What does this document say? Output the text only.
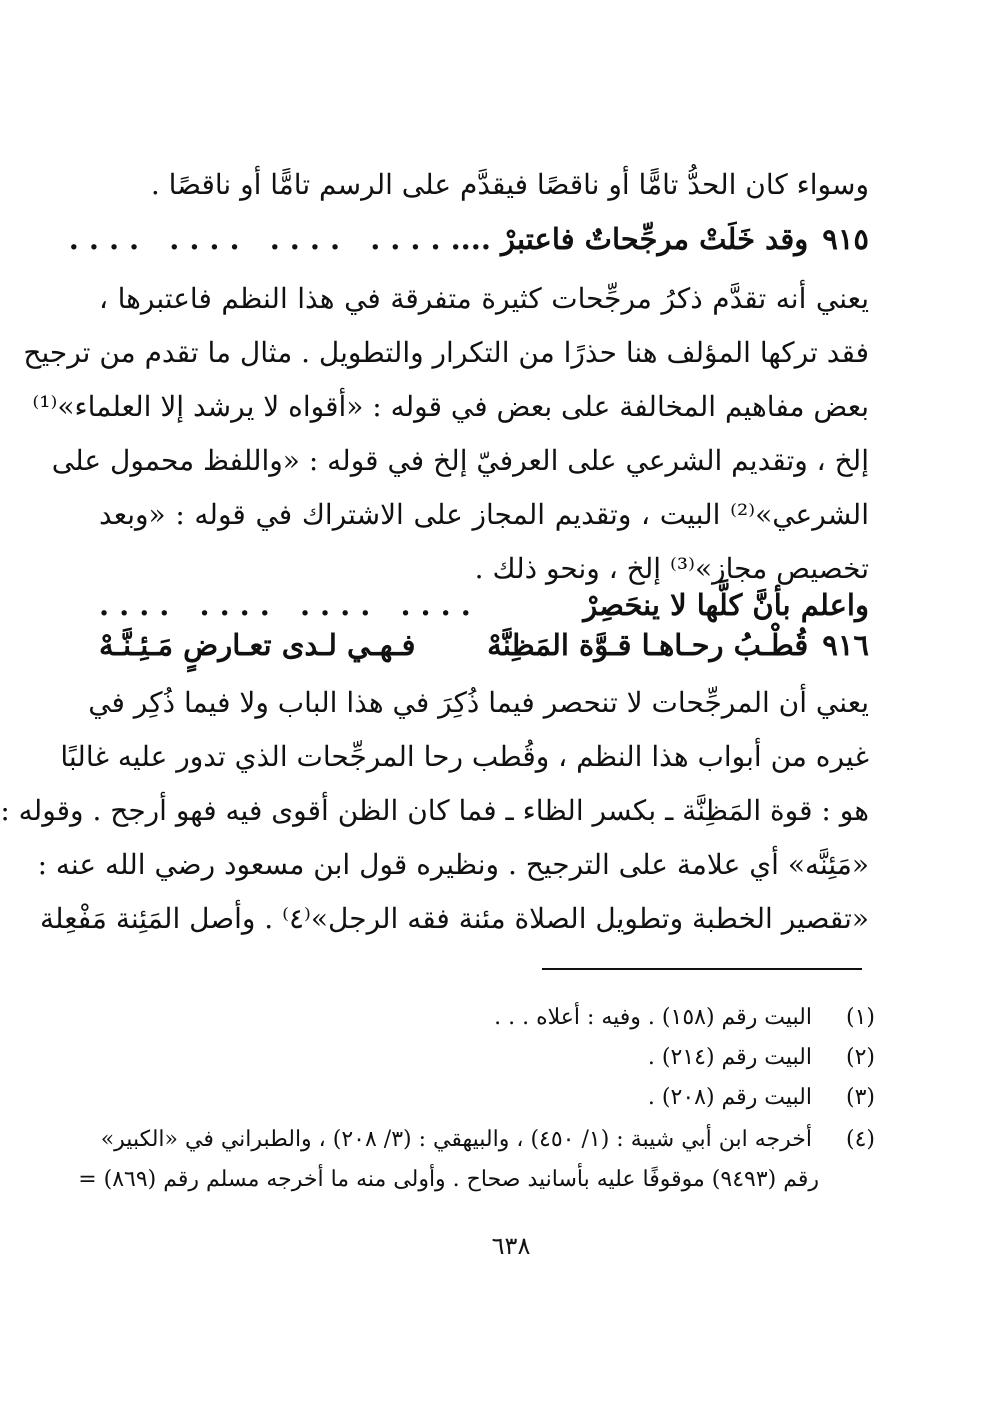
وسواء كان الحدُّ تامًّا أو ناقصًا فيقدَّم على الرسم تامًّا أو ناقصًا .
٩١٥
وقد خَلَتْ مرجِّحاتٌ فاعتبرْ ....
.... .... .... ....
يعني أنه تقدَّم ذكرُ مرجِّحات كثيرة متفرقة في هذا النظم فاعتبرها ،
فقد تركها المؤلف هنا حذرًا من التكرار والتطويل . مثال ما تقدم من ترجيح
بعض مفاهيم المخالفة على بعض في قوله : «أقواه لا يرشد إلا العلماء»⁽¹⁾
إلخ ، وتقديم الشرعي على العرفيّ إلخ في قوله : «واللفظ محمول على
الشرعي»⁽²⁾ البيت ، وتقديم المجاز على الاشتراك في قوله : «وبعد
تخصيص مجاز»⁽³⁾ إلخ ، ونحو ذلك .
واعلم بأنَّ كلَّها لا ينحَصِرْ
.... .... .... ....
٩١٦
قُطْـبُ رحـاهـا قـوَّة المَظِنَّهْ
فـهـي لـدى تعـارضٍ مَـئِـنَّـهْ
يعني أن المرجِّحات لا تنحصر فيما ذُكِرَ في هذا الباب ولا فيما ذُكِر في
غيره من أبواب هذا النظم ، وقُطب رحا المرجِّحات الذي تدور عليه غالبًا
هو : قوة المَظِنَّة ـ بكسر الظاء ـ فما كان الظن أقوى فيه فهو أرجح . وقوله :
«مَئِنَّه» أي علامة على الترجيح . ونظيره قول ابن مسعود رضي الله عنه :
«تقصير الخطبة وتطويل الصلاة مئنة فقه الرجل»⁽٤⁾ . وأصل المَئِنة مَفْعِلة
(١) البيت رقم (١٥٨) . وفيه : أعلاه . . .
(٢) البيت رقم (٢١٤) .
(٣) البيت رقم (٢٠٨) .
(٤) أخرجه ابن أبي شيبة : (١/ ٤٥٠) ، والبيهقي : (٣/ ٢٠٨) ، والطبراني في «الكبير»
رقم (٩٤٩٣) موقوفًا عليه بأسانيد صحاح . وأولى منه ما أخرجه مسلم رقم (٨٦٩) =
٦٣٨
